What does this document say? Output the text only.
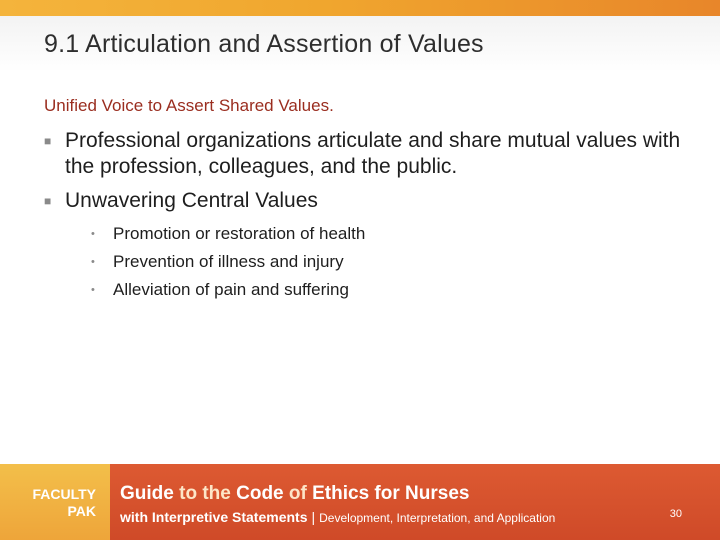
9.1 Articulation and Assertion of Values

Unified Voice to Assert Shared Values.

■ Professional organizations articulate and share mutual values with the profession, colleagues, and the public.
■ Unwavering Central Values
• Promotion or restoration of health
• Prevention of illness and injury
• Alleviation of pain and suffering
FACULTY
PAK
Guide to the Code of Ethics for Nurses
with Interpretive Statements | Development, Interpretation, and Application	30
